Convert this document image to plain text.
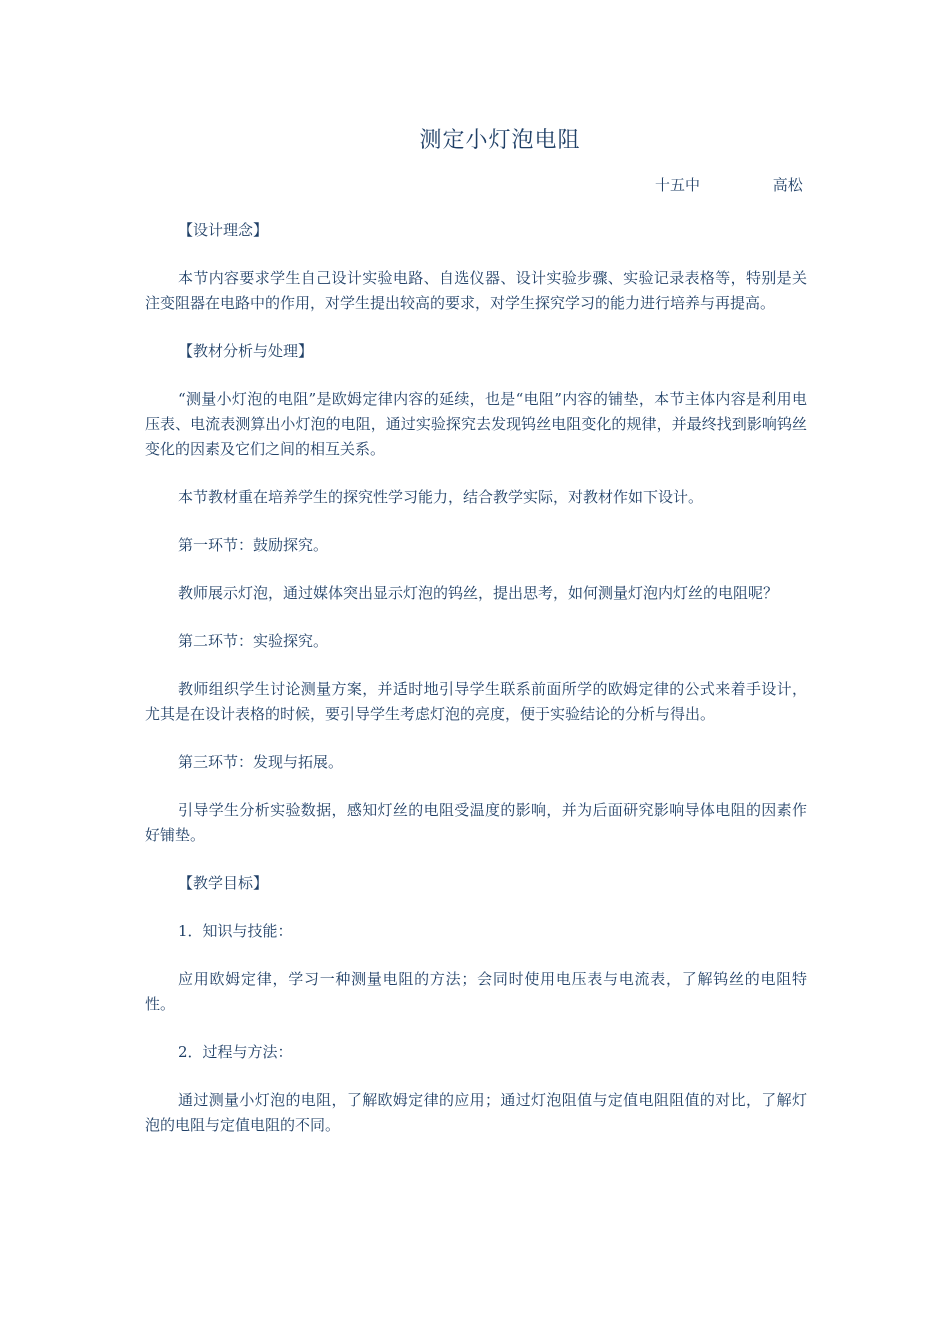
测定小灯泡电阻
十五中	高松

【设计理念】

本节内容要求学生自己设计实验电路、自选仪器、设计实验步骤、实验记录表格等，特别是关注变阻器在电路中的作用，对学生提出较高的要求，对学生探究学习的能力进行培养与再提高。

【教材分析与处理】

“测量小灯泡的电阻”是欧姆定律内容的延续，也是“电阻”内容的铺垫，本节主体内容是利用电压表、电流表测算出小灯泡的电阻，通过实验探究去发现钨丝电阻变化的规律，并最终找到影响钨丝变化的因素及它们之间的相互关系。

本节教材重在培养学生的探究性学习能力，结合教学实际，对教材作如下设计。

第一环节：鼓励探究。

教师展示灯泡，通过媒体突出显示灯泡的钨丝，提出思考，如何测量灯泡内灯丝的电阻呢？

第二环节：实验探究。

教师组织学生讨论测量方案，并适时地引导学生联系前面所学的欧姆定律的公式来着手设计，尤其是在设计表格的时候，要引导学生考虑灯泡的亮度，便于实验结论的分析与得出。

第三环节：发现与拓展。

引导学生分析实验数据，感知灯丝的电阻受温度的影响，并为后面研究影响导体电阻的因素作好铺垫。

【教学目标】

1．知识与技能：

应用欧姆定律，学习一种测量电阻的方法；会同时使用电压表与电流表，了解钨丝的电阻特性。

2．过程与方法：

通过测量小灯泡的电阻，了解欧姆定律的应用；通过灯泡阻值与定值电阻阻值的对比，了解灯泡的电阻与定值电阻的不同。
